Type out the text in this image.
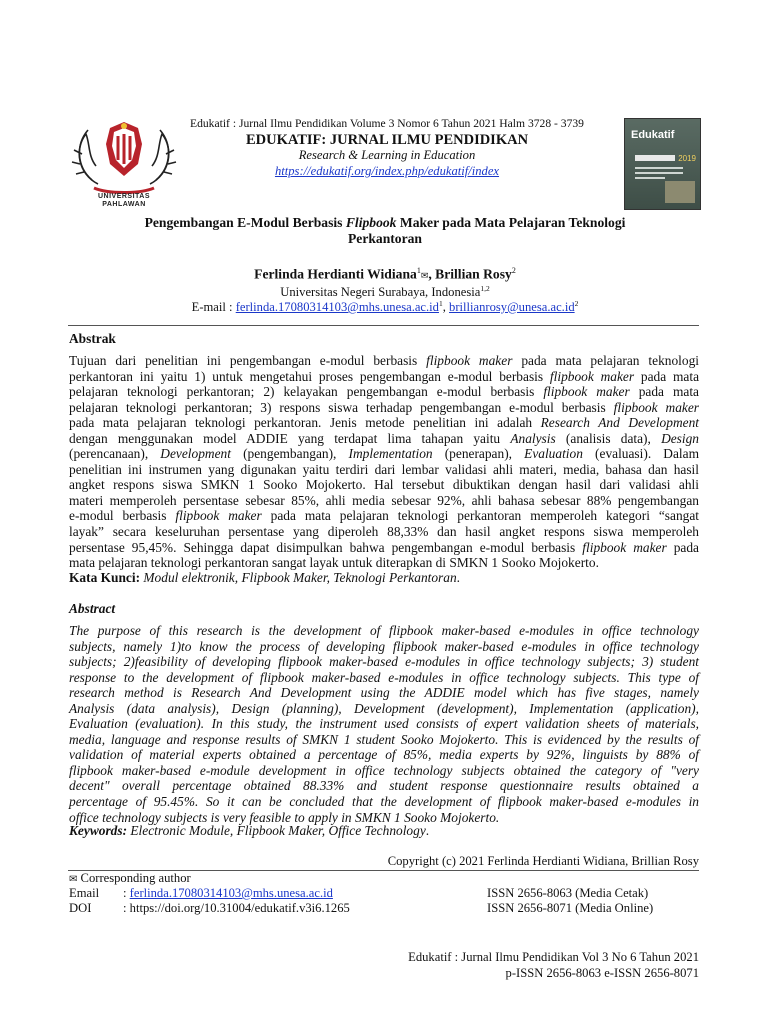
UNIVERSITAS PAHLAWAN
Edukatif : Jurnal Ilmu Pendidikan Volume 3 Nomor 6 Tahun 2021 Halm 3728 - 3739
EDUKATIF: JURNAL ILMU PENDIDIKAN
Research & Learning in Education
https://edukatif.org/index.php/edukatif/index
Edukatif
2019
Pengembangan E-Modul Berbasis Flipbook Maker pada Mata Pelajaran Teknologi
Perkantoran
Ferlinda Herdianti Widiana$^1$✉, Brillian Rosy$^2$
Universitas Negeri Surabaya, Indonesia$^{1,2}$
E-mail : $ferlinda.17080314103@mhs.unesa.ac.id^1$, $brillianrosy@unesa.ac.id^2$
Abstrak
Tujuan dari penelitian ini pengembangan e-modul berbasis flipbook maker pada mata pelajaran teknologi
perkantoran ini yaitu 1) untuk mengetahui proses pengembangan e-modul berbasis flipbook maker pada mata
pelajaran teknologi perkantoran; 2) kelayakan pengembangan e-modul berbasis flipbook maker pada mata
pelajaran teknologi perkantoran; 3) respons siswa terhadap pengembangan e-modul berbasis flipbook maker
pada mata pelajaran teknologi perkantoran. Jenis metode penelitian ini adalah Research And Development
dengan menggunakan model ADDIE yang terdapat lima tahapan yaitu Analysis (analisis data), Design
(perencanaan), Development (pengembangan), Implementation (penerapan), Evaluation (evaluasi). Dalam
penelitian ini instrumen yang digunakan yaitu terdiri dari lembar validasi ahli materi, media, bahasa dan hasil
angket respons siswa SMKN 1 Sooko Mojokerto. Hal tersebut dibuktikan dengan hasil dari validasi ahli
materi memperoleh persentase sebesar 85%, ahli media sebesar 92%, ahli bahasa sebesar 88% pengembangan
e-modul berbasis flipbook maker pada mata pelajaran teknologi perkantoran memperoleh kategori “sangat
layak” secara keseluruhan persentase yang diperoleh 88,33% dan hasil angket respons siswa memperoleh
persentase 95,45%. Sehingga dapat disimpulkan bahwa pengembangan e-modul berbasis flipbook maker pada
mata pelajaran teknologi perkantoran sangat layak untuk diterapkan di SMKN 1 Sooko Mojokerto.
Kata Kunci: Modul elektronik, Flipbook Maker, Teknologi Perkantoran.
Abstract
The purpose of this research is the development of flipbook maker-based e-modules in office technology
subjects, namely 1)to know the process of developing flipbook maker-based e-modules in office technology
subjects; 2)feasibility of developing flipbook maker-based e-modules in office technology subjects; 3) student
response to the development of flipbook maker-based e-modules in office technology subjects. This type of
research method is Research And Development using the ADDIE model which has five stages, namely
Analysis (data analysis), Design (planning), Development (development), Implementation (application),
Evaluation (evaluation). In this study, the instrument used consists of expert validation sheets of materials,
media, language and response results of SMKN 1 student Sooko Mojokerto. This is evidenced by the results of
validation of material experts obtained a percentage of 85%, media experts by 92%, linguists by 88% of
flipbook maker-based e-module development in office technology subjects obtained the category of "very
decent" overall percentage obtained 88.33% and student response questionnaire results obtained a
percentage of 95.45%. So it can be concluded that the development of flipbook maker-based e-modules in
office technology subjects is very feasible to apply in SMKN 1 Sooko Mojokerto.
Keywords: Electronic Module, Flipbook Maker, Office Technology.
Copyright (c) 2021 Ferlinda Herdianti Widiana, Brillian Rosy
✉ Corresponding author
Email : ferlinda.17080314103@mhs.unesa.ac.id	ISSN 2656-8063 (Media Cetak)
DOI	: https://doi.org/10.31004/edukatif.v3i6.1265	ISSN 2656-8071 (Media Online)
Edukatif : Jurnal Ilmu Pendidikan Vol 3 No 6 Tahun 2021
p-ISSN 2656-8063 e-ISSN 2656-8071
